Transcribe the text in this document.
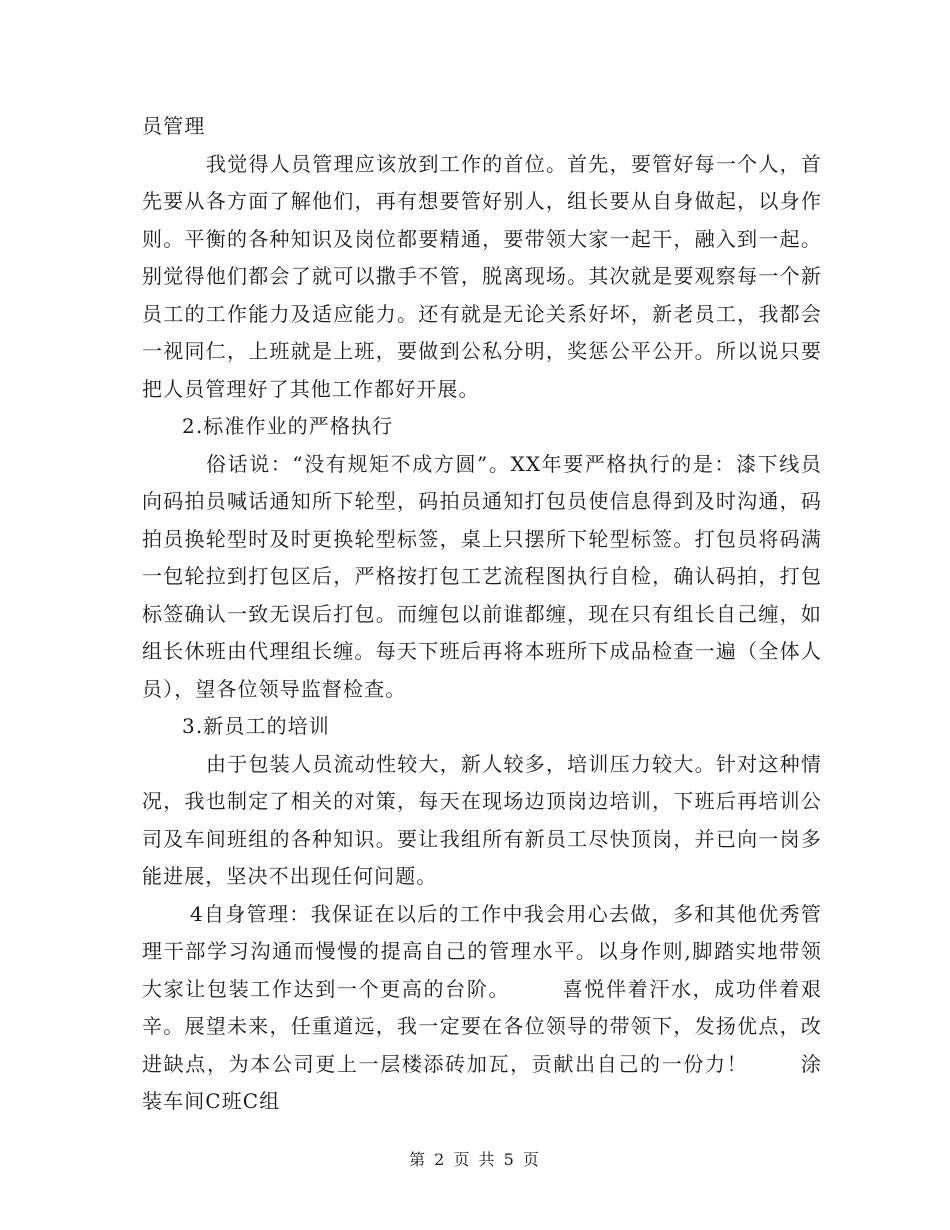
员管理

我觉得人员管理应该放到工作的首位。首先，要管好每一个人，首先要从各方面了解他们，再有想要管好别人，组长要从自身做起，以身作则。平衡的各种知识及岗位都要精通，要带领大家一起干，融入到一起。别觉得他们都会了就可以撒手不管，脱离现场。其次就是要观察每一个新员工的工作能力及适应能力。还有就是无论关系好坏，新老员工，我都会一视同仁，上班就是上班，要做到公私分明，奖惩公平公开。所以说只要把人员管理好了其他工作都好开展。

2.标准作业的严格执行

俗话说：“没有规矩不成方圆”。XX年要严格执行的是：漆下线员向码拍员喊话通知所下轮型，码拍员通知打包员使信息得到及时沟通，码拍员换轮型时及时更换轮型标签，桌上只摆所下轮型标签。打包员将码满一包轮拉到打包区后，严格按打包工艺流程图执行自检，确认码拍，打包标签确认一致无误后打包。而缠包以前谁都缠，现在只有组长自己缠，如组长休班由代理组长缠。每天下班后再将本班所下成品检查一遍（全体人员），望各位领导监督检查。

3.新员工的培训

由于包装人员流动性较大，新人较多，培训压力较大。针对这种情况，我也制定了相关的对策，每天在现场边顶岗边培训，下班后再培训公司及车间班组的各种知识。要让我组所有新员工尽快顶岗，并已向一岗多能进展，坚决不出现任何问题。

4自身管理：我保证在以后的工作中我会用心去做，多和其他优秀管理干部学习沟通而慢慢的提高自己的管理水平。以身作则,脚踏实地带领大家让包装工作达到一个更高的台阶。	喜悦伴着汗水，成功伴着艰辛。展望未来，任重道远，我一定要在各位领导的带领下，发扬优点，改进缺点，为本公司更上一层楼添砖加瓦，贡献出自己的一份力！	涂装车间C班C组

第 2 页 共 5 页
